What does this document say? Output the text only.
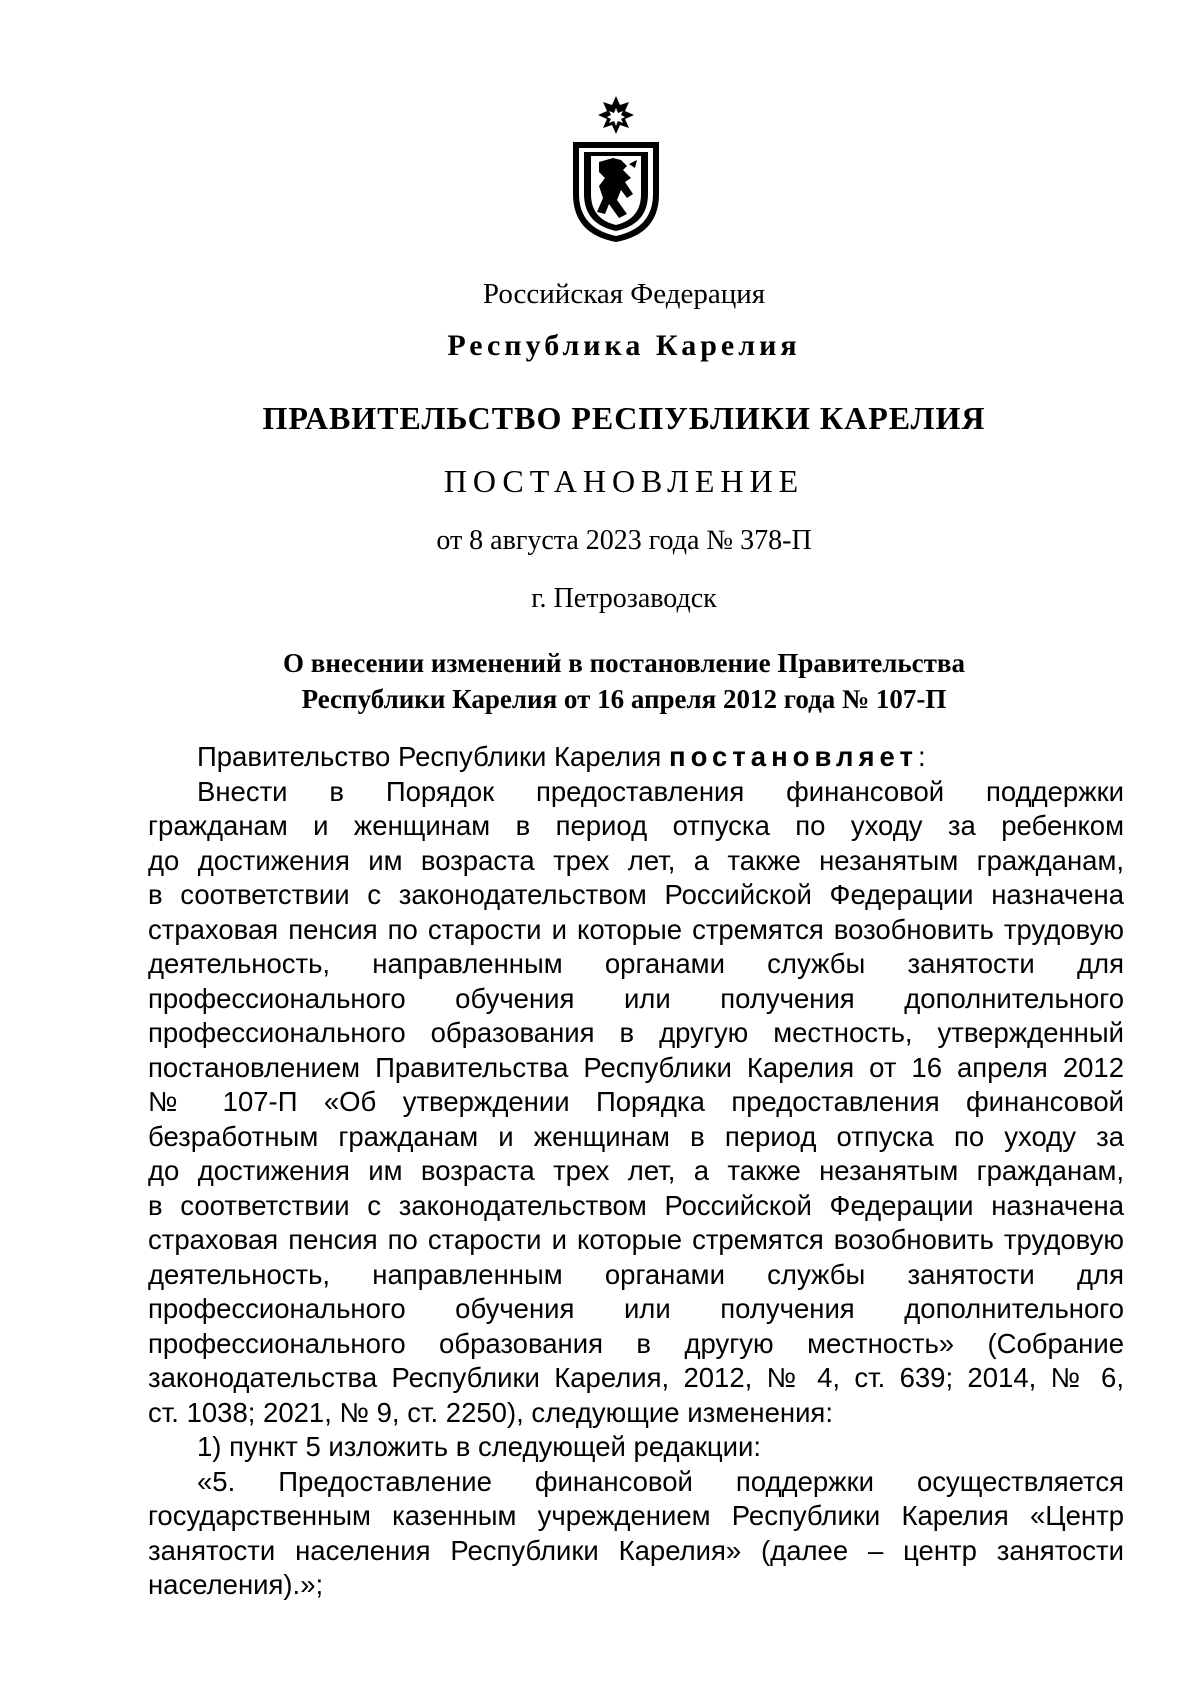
Российская Федерация
Республика Карелия
ПРАВИТЕЛЬСТВО РЕСПУБЛИКИ КАРЕЛИЯ
ПОСТАНОВЛЕНИЕ
от 8 августа 2023 года № 378-П
г. Петрозаводск
О внесении изменений в постановление Правительства
Республики Карелия от 16 апреля 2012 года № 107-П
Правительство Республики Карелия постановляет:
Внести в Порядок предоставления финансовой поддержки
гражданам и женщинам в период отпуска по уходу за ребенком
до достижения им возраста трех лет, а также незанятым гражданам,
в соответствии с законодательством Российской Федерации назначена
страховая пенсия по старости и которые стремятся возобновить трудовую
деятельность, направленным органами службы занятости для
профессионального обучения или получения дополнительного
профессионального образования в другую местность, утвержденный
постановлением Правительства Республики Карелия от 16 апреля 2012
№ 107-П «Об утверждении Порядка предоставления финансовой
безработным гражданам и женщинам в период отпуска по уходу за
до достижения им возраста трех лет, а также незанятым гражданам,
в соответствии с законодательством Российской Федерации назначена
страховая пенсия по старости и которые стремятся возобновить трудовую
деятельность, направленным органами службы занятости для
профессионального обучения или получения дополнительного
профессионального образования в другую местность» (Собрание
законодательства Республики Карелия, 2012, № 4, ст. 639; 2014, № 6,
ст. 1038; 2021, № 9, ст. 2250), следующие изменения:
1) пункт 5 изложить в следующей редакции:
«5. Предоставление финансовой поддержки осуществляется
государственным казенным учреждением Республики Карелия «Центр
занятости населения Республики Карелия» (далее – центр занятости
населения).»;
